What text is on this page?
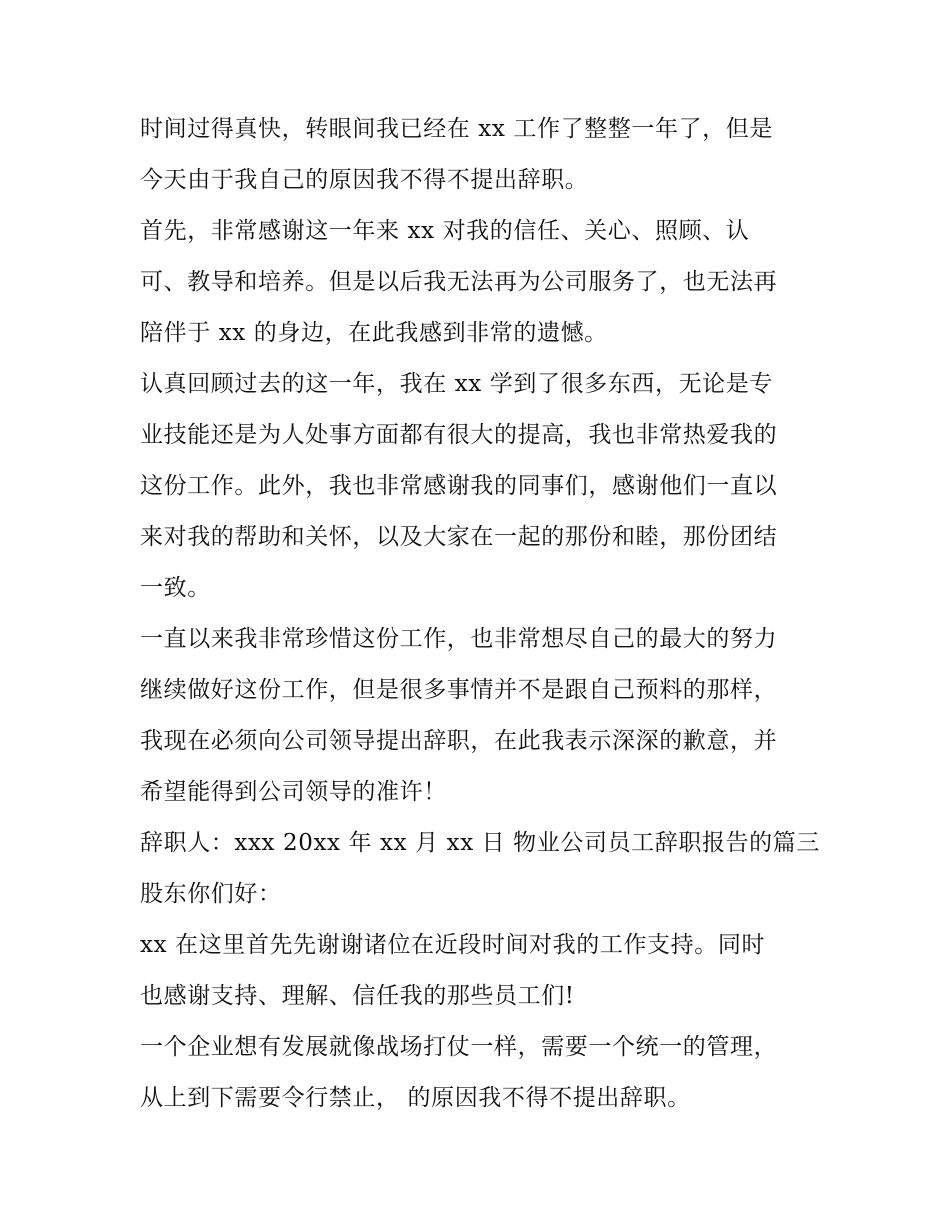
时间过得真快，转眼间我已经在 xx 工作了整整一年了，但是
今天由于我自己的原因我不得不提出辞职。
首先，非常感谢这一年来 xx 对我的信任、关心、照顾、认
可、教导和培养。但是以后我无法再为公司服务了，也无法再
陪伴于 xx 的身边，在此我感到非常的遗憾。
认真回顾过去的这一年，我在 xx 学到了很多东西，无论是专
业技能还是为人处事方面都有很大的提高，我也非常热爱我的
这份工作。此外，我也非常感谢我的同事们，感谢他们一直以
来对我的帮助和关怀，以及大家在一起的那份和睦，那份团结
一致。
一直以来我非常珍惜这份工作，也非常想尽自己的最大的努力
继续做好这份工作，但是很多事情并不是跟自己预料的那样，
我现在必须向公司领导提出辞职，在此我表示深深的歉意，并
希望能得到公司领导的准许！
辞职人：xxx 20xx 年 xx 月 xx 日 物业公司员工辞职报告的篇三
股东你们好：
xx 在这里首先先谢谢诸位在近段时间对我的工作支持。同时
也感谢支持、理解、信任我的那些员工们!
一个企业想有发展就像战场打仗一样，需要一个统一的管理，
从上到下需要令行禁止， 的原因我不得不提出辞职。
